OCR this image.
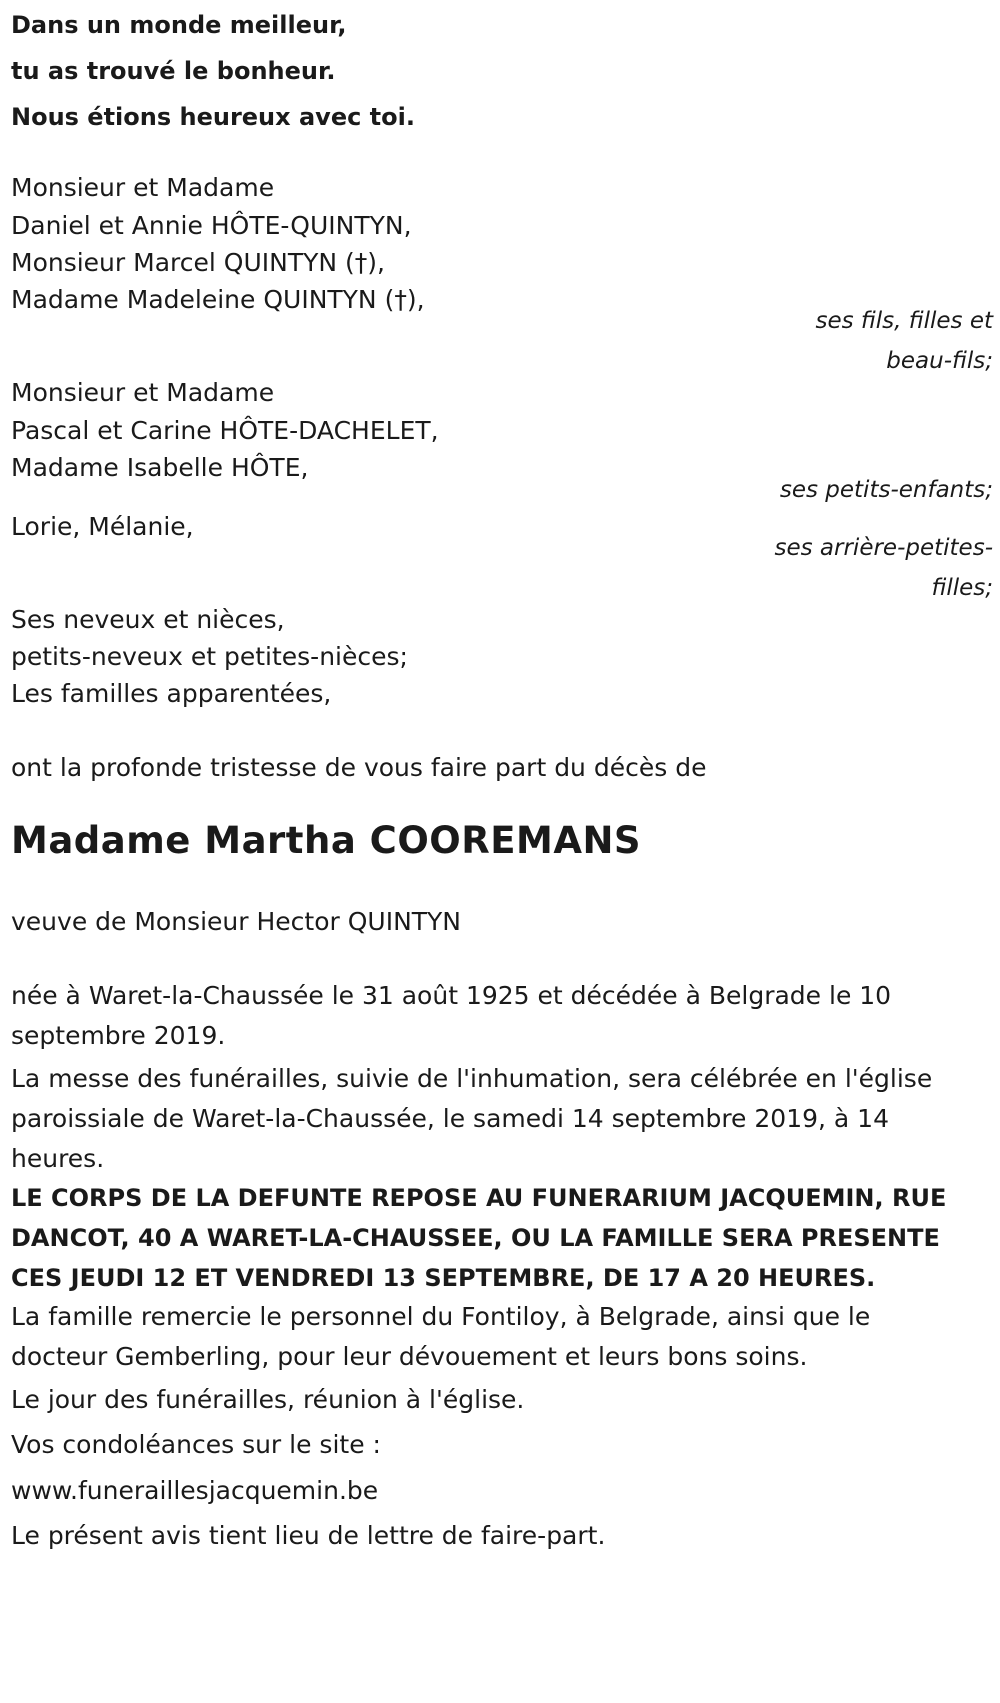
Dans un monde meilleur,

tu as trouvé le bonheur.

Nous étions heureux avec toi.

Monsieur et Madame

Daniel et Annie HÔTE-QUINTYN,

Monsieur Marcel QUINTYN (†),

Madame Madeleine QUINTYN (†),

ses fils, filles et beau-fils;

Monsieur et Madame

Pascal et Carine HÔTE-DACHELET,

Madame Isabelle HÔTE,

ses petits-enfants;

Lorie, Mélanie,

ses arrière-petites-filles;

Ses neveux et nièces,

petits-neveux et petites-nièces;

Les familles apparentées,

ont la profonde tristesse de vous faire part du décès de

Madame Martha COOREMANS

veuve de Monsieur Hector QUINTYN

née à Waret-la-Chaussée le 31 août 1925 et décédée à Belgrade le 10 septembre 2019.

La messe des funérailles, suivie de l'inhumation, sera célébrée en l'église paroissiale de Waret-la-Chaussée, le samedi 14 septembre 2019, à 14 heures.

LE CORPS DE LA DEFUNTE REPOSE AU FUNERARIUM JACQUEMIN, RUE DANCOT, 40 A WARET-LA-CHAUSSEE, OU LA FAMILLE SERA PRESENTE CES JEUDI 12 ET VENDREDI 13 SEPTEMBRE, DE 17 A 20 HEURES.

La famille remercie le personnel du Fontiloy, à Belgrade, ainsi que le docteur Gemberling, pour leur dévouement et leurs bons soins.

Le jour des funérailles, réunion à l'église.

Vos condoléances sur le site :

www.funeraillesjacquemin.be

Le présent avis tient lieu de lettre de faire-part.
